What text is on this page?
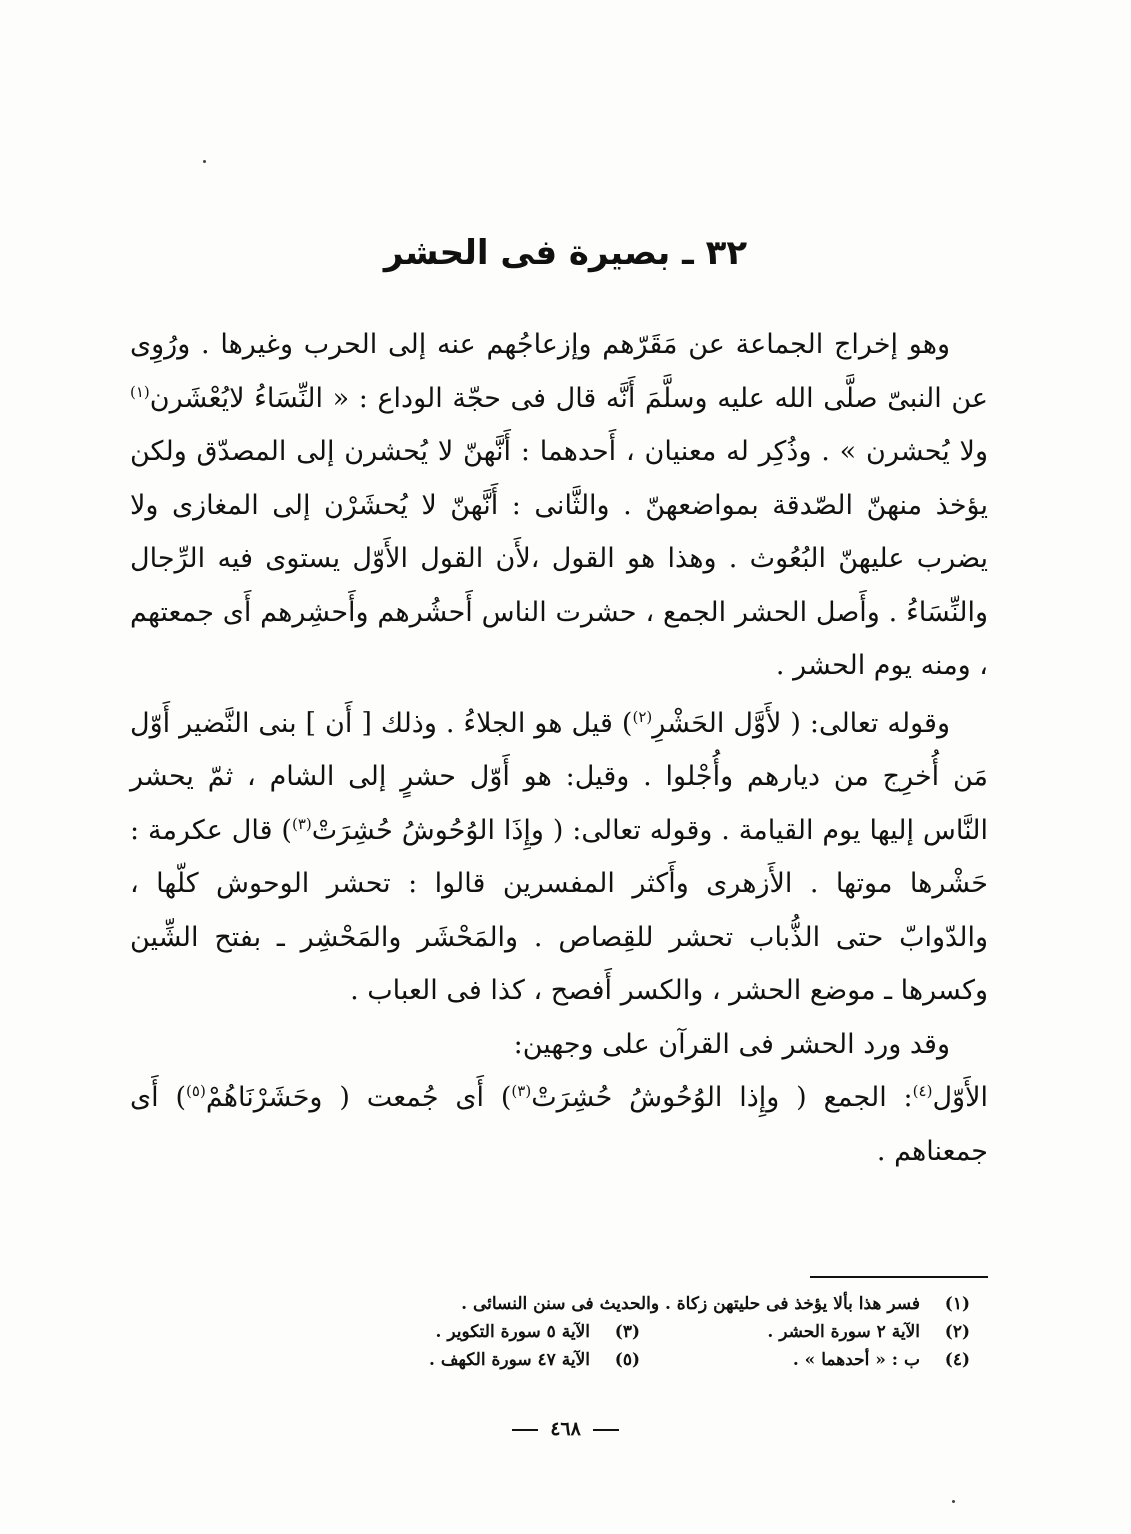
٣٢ ـ بصيرة فى الحشر

وهو إخراج الجماعة عن مَقَرّهم وإزعاجُهم عنه إلى الحرب وغيرها . ورُوِى عن النبىّ صلَّى الله عليه وسلَّمَ أَنَّه قال فى حجّة الوداع : « النِّسَاءُ لايُعْشَرن$^{(١)}$ ولا يُحشرن » . وذُكِر له معنيان ، أَحدهما : أَنَّهنّ لا يُحشرن إلى المصدّق ولكن يؤخذ منهنّ الصّدقة بمواضعهنّ . والثَّانى : أَنَّهنّ لا يُحشَرْن إلى المغازى ولا يضرب عليهنّ البُعُوث . وهذا هو القول ،لأَن القول الأَوّل يستوى فيه الرِّجال والنِّسَاءُ . وأَصل الحشر الجمع ، حشرت الناس أَحشُرهم وأَحشِرهم أَى جمعتهم ، ومنه يوم الحشر .

وقوله تعالى: ( لأَوَّل الحَشْرِ$^{(٢)}$) قيل هو الجلاءُ . وذلك [ أَن ] بنى النَّضير أَوّل مَن أُخرِج من ديارهم وأُجْلوا . وقيل: هو أَوّل حشرٍ إلى الشام ، ثمّ يحشر النَّاس إليها يوم القيامة . وقوله تعالى: ( وإِذَا الوُحُوشُ حُشِرَتْ$^{(٣)}$) قال عكرمة : حَشْرها موتها . الأَزهرى وأَكثر المفسرين قالوا : تحشر الوحوش كلّها ، والدّوابّ حتى الذُّباب تحشر للقِصاص . والمَحْشَر والمَحْشِر ـ بفتح الشِّين وكسرها ـ موضع الحشر ، والكسر أَفصح ، كذا فى العباب .

وقد ورد الحشر فى القرآن على وجهين:

الأَوّل$^{(٤)}$: الجمع ( وإِذا الوُحُوشُ حُشِرَتْ$^{(٣)}$) أَى جُمعت ( وحَشَرْنَاهُمْ$^{(٥)}$) أَى جمعناهم .

(١)
فسر هذا بألا يؤخذ فى حليتهن زكاة . والحديث فى سنن النسائى .
(٢)
الآية ٢ سورة الحشر .
(٣)
الآية ٥ سورة التكوير .
(٤)
ب : « أحدهما » .
(٥)
الآية ٤٧ سورة الكهف .
٤٦٨
